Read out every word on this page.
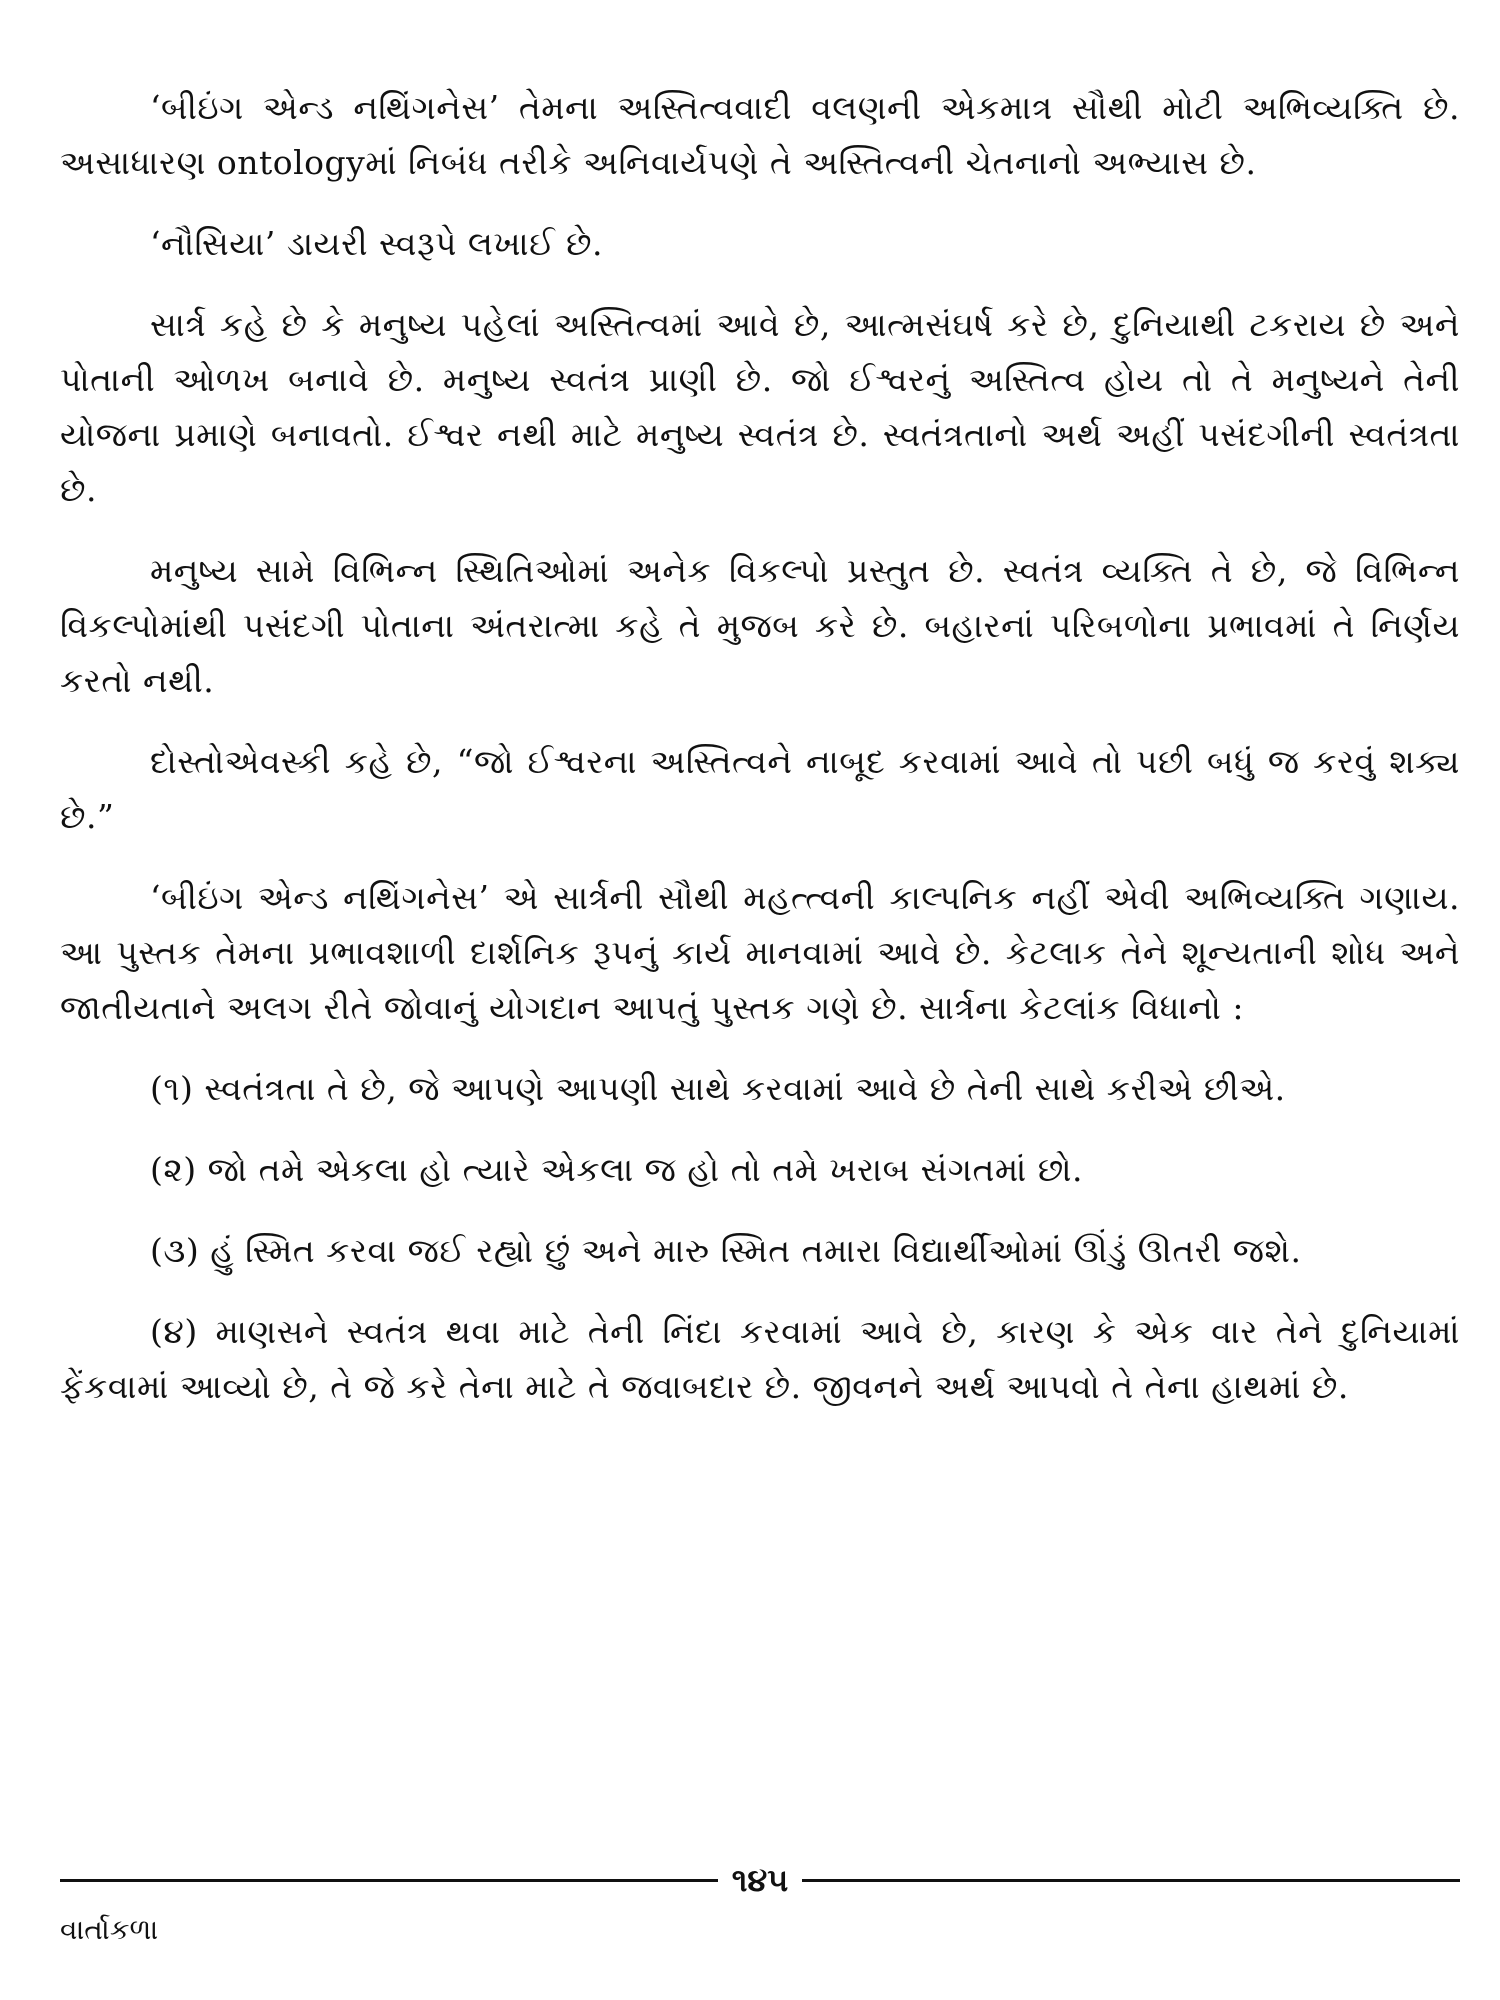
‘બીઇંગ એન્ડ નથિંગનેસ’ તેમના અસ્તિત્વવાદી વલણની એકમાત્ર સૌથી મોટી અભિવ્યક્તિ છે. અસાધારણ ontologyમાં નિબંધ તરીકે અનિવાર્યપણે તે અસ્તિત્વની ચેતનાનો અભ્યાસ છે.

‘નૌસિયા’ ડાયરી સ્વરૂપે લખાઈ છે.

સાર્ત્ર કહે છે કે મનુષ્ય પહેલાં અસ્તિત્વમાં આવે છે, આત્મસંઘર્ષ કરે છે, દુનિયાથી ટકરાય છે અને પોતાની ઓળખ બનાવે છે. મનુષ્ય સ્વતંત્ર પ્રાણી છે. જો ઈશ્વરનું અસ્તિત્વ હોય તો તે મનુષ્યને તેની યોજના પ્રમાણે બનાવતો. ઈશ્વર નથી માટે મનુષ્ય સ્વતંત્ર છે. સ્વતંત્રતાનો અર્થ અહીં પસંદગીની સ્વતંત્રતા છે.

મનુષ્ય સામે વિભિન્ન સ્થિતિઓમાં અનેક વિકલ્પો પ્રસ્તુત છે. સ્વતંત્ર વ્યક્તિ તે છે, જે વિભિન્ન વિકલ્પોમાંથી પસંદગી પોતાના અંતરાત્મા કહે તે મુજબ કરે છે. બહારનાં પરિબળોના પ્રભાવમાં તે નિર્ણય કરતો નથી.

દોસ્તોએવસ્કી કહે છે, “જો ઈશ્વરના અસ્તિત્વને નાબૂદ કરવામાં આવે તો પછી બધું જ કરવું શક્ય છે.”

‘બીઇંગ એન્ડ નથિંગનેસ’ એ સાર્ત્રની સૌથી મહત્ત્વની કાલ્પનિક નહીં એવી અભિવ્યક્તિ ગણાય. આ પુસ્તક તેમના પ્રભાવશાળી દાર્શનિક રૂપનું કાર્ય માનવામાં આવે છે. કેટલાક તેને શૂન્યતાની શોધ અને જાતીયતાને અલગ રીતે જોવાનું યોગદાન આપતું પુસ્તક ગણે છે. સાર્ત્રના કેટલાંક વિધાનો :

(૧) સ્વતંત્રતા તે છે, જે આપણે આપણી સાથે કરવામાં આવે છે તેની સાથે કરીએ છીએ.

(૨) જો તમે એકલા હો ત્યારે એકલા જ હો તો તમે ખરાબ સંગતમાં છો.

(૩) હું સ્મિત કરવા જઈ રહ્યો છું અને મારુ સ્મિત તમારા વિદ્યાર્થીઓમાં ઊંડું ઊતરી જશે.

(૪) માણસને સ્વતંત્ર થવા માટે તેની નિંદા કરવામાં આવે છે, કારણ કે એક વાર તેને દુનિયામાં ફેંકવામાં આવ્યો છે, તે જે કરે તેના માટે તે જવાબદાર છે. જીવનને અર્થ આપવો તે તેના હાથમાં છે.

૧૪૫
વાર્તાકળા
